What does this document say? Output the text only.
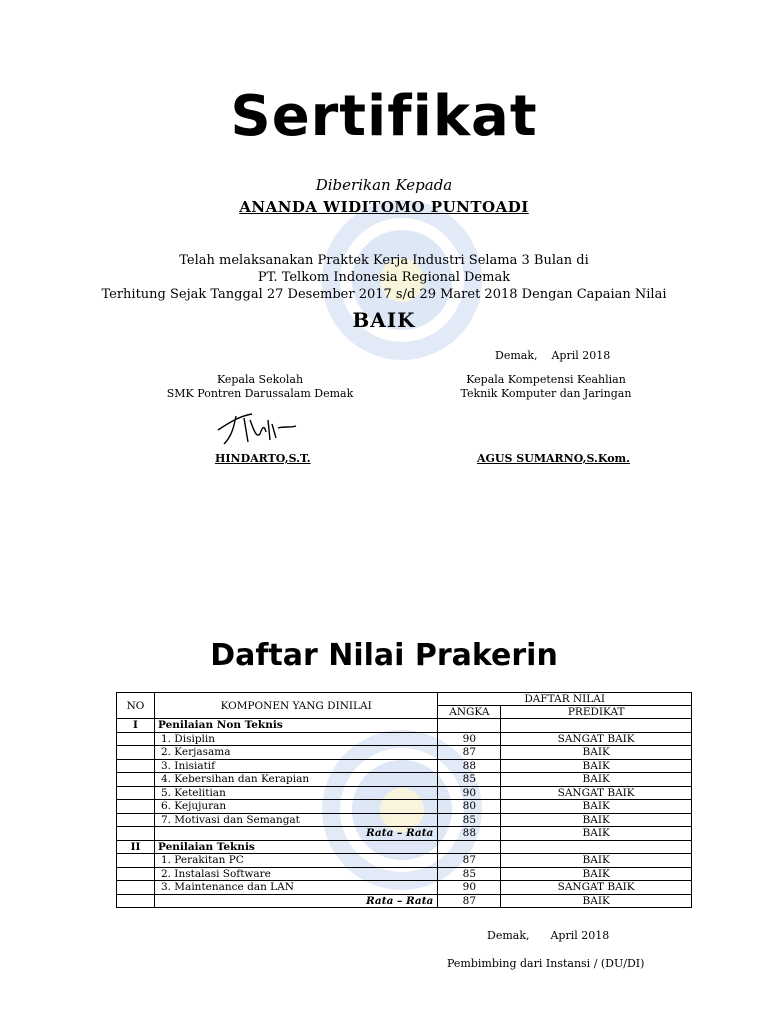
Sertifikat
Diberikan Kepada
ANANDA WIDITOMO PUNTOADI
Telah melaksanakan Praktek Kerja Industri Selama 3 Bulan di
PT. Telkom Indonesia Regional Demak
Terhitung Sejak Tanggal 27 Desember 2017 s/d 29 Maret 2018 Dengan Capaian Nilai
BAIK
Demak,    April 2018
Kepala Sekolah
SMK Pontren Darussalam Demak
HINDARTO,S.T.
Kepala Kompetensi Keahlian
Teknik Komputer dan Jaringan
AGUS SUMARNO,S.Kom.
Daftar Nilai Prakerin
NO	KOMPONEN YANG DINILAI	DAFTAR NILAI	
		ANGKA	PREDIKAT
I	Penilaian Non Teknis		
	1. Disiplin	90	SANGAT BAIK
	2. Kerjasama	87	BAIK
	3. Inisiatif	88	BAIK
	4. Kebersihan dan Kerapian	85	BAIK
	5. Ketelitian	90	SANGAT BAIK
	6. Kejujuran	80	BAIK
	7. Motivasi dan Semangat	85	BAIK
	Rata – Rata	88	BAIK
II	Penilaian Teknis		
	1. Perakitan PC	87	BAIK
	2. Instalasi Software	85	BAIK
	3. Maintenance dan LAN	90	SANGAT BAIK
	Rata – Rata	87	BAIK
Demak,      April 2018
Pembimbing dari Instansi / (DU/DI)
